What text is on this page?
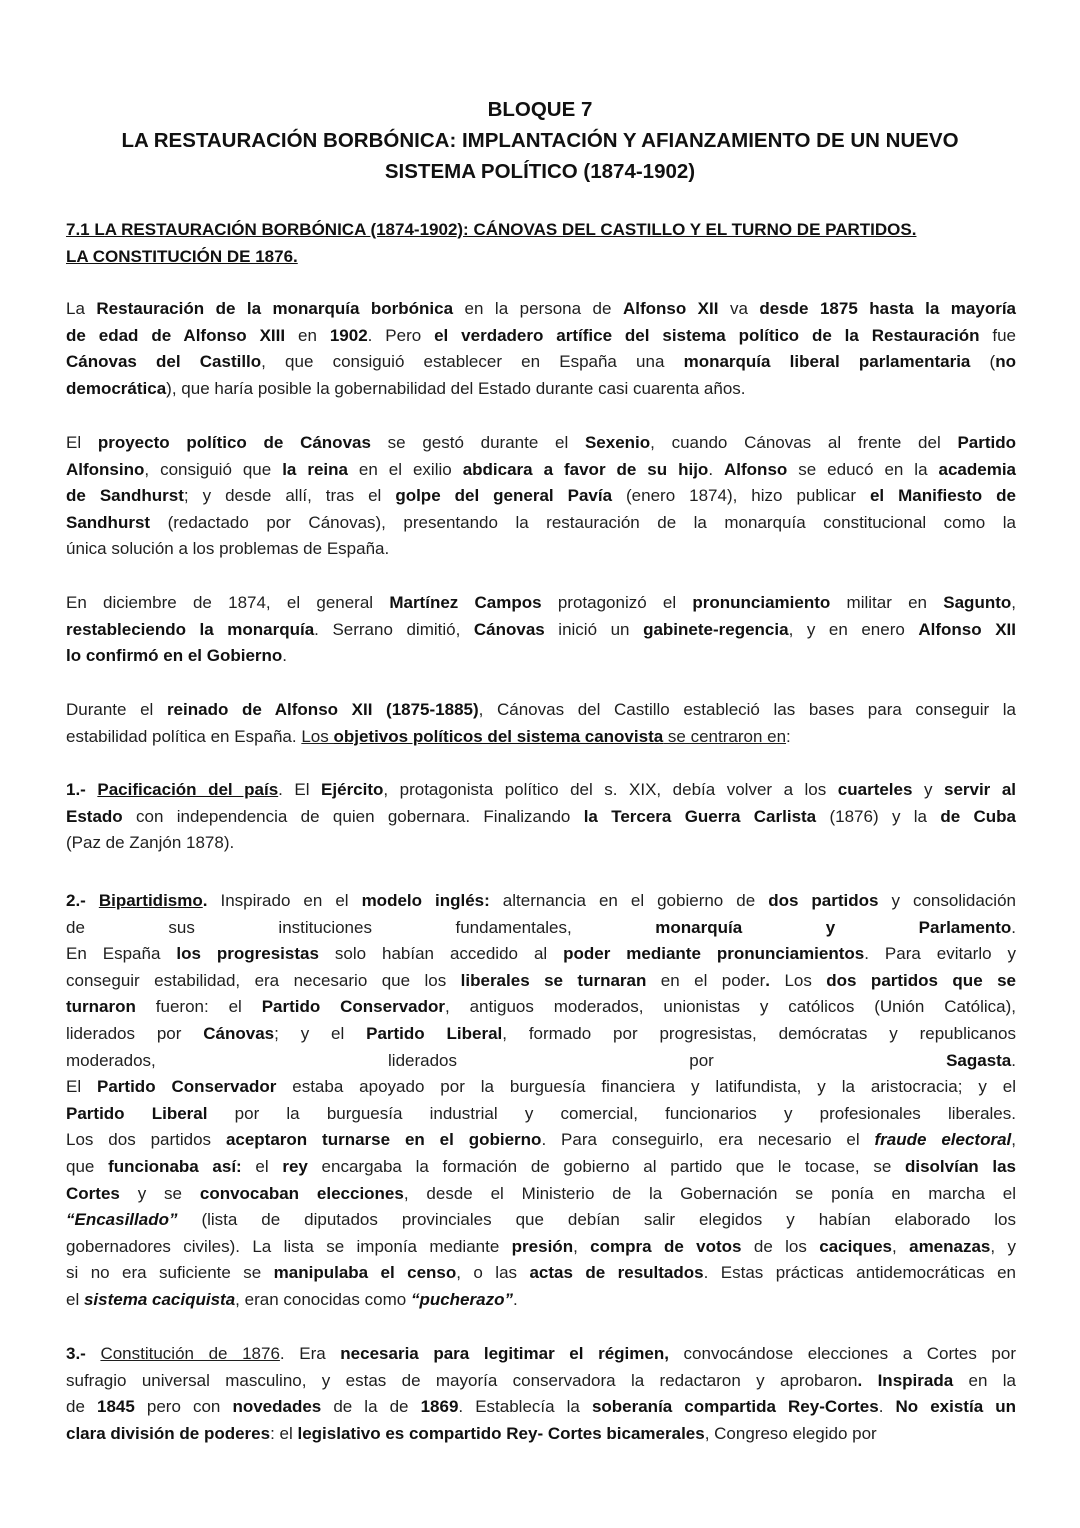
BLOQUE 7
LA RESTAURACIÓN BORBÓNICA: IMPLANTACIÓN Y AFIANZAMIENTO DE UN NUEVO
SISTEMA POLÍTICO (1874-1902)
7.1 LA RESTAURACIÓN BORBÓNICA (1874-1902): CÁNOVAS DEL CASTILLO Y EL TURNO DE PARTIDOS.
LA CONSTITUCIÓN DE 1876.
La Restauración de la monarquía borbónica en la persona de Alfonso XII va desde 1875 hasta la mayoría
de edad de Alfonso XIII en 1902. Pero el verdadero artífice del sistema político de la Restauración fue
Cánovas del Castillo, que consiguió establecer en España una monarquía liberal parlamentaria (no
democrática), que haría posible la gobernabilidad del Estado durante casi cuarenta años.
El proyecto político de Cánovas se gestó durante el Sexenio, cuando Cánovas al frente del Partido
Alfonsino, consiguió que la reina en el exilio abdicara a favor de su hijo. Alfonso se educó en la academia
de Sandhurst; y desde allí, tras el golpe del general Pavía (enero 1874), hizo publicar el Manifiesto de
Sandhurst (redactado por Cánovas), presentando la restauración de la monarquía constitucional como la
única solución a los problemas de España.
En diciembre de 1874, el general Martínez Campos protagonizó el pronunciamiento militar en Sagunto,
restableciendo la monarquía. Serrano dimitió, Cánovas inició un gabinete-regencia, y en enero Alfonso XII
lo confirmó en el Gobierno.
Durante el reinado de Alfonso XII (1875-1885), Cánovas del Castillo estableció las bases para conseguir la
estabilidad política en España. Los objetivos políticos del sistema canovista se centraron en:
1.- Pacificación del país. El Ejército, protagonista político del s. XIX, debía volver a los cuarteles y servir al
Estado con independencia de quien gobernara. Finalizando la Tercera Guerra Carlista (1876) y la de Cuba
(Paz de Zanjón 1878).
2.- Bipartidismo. Inspirado en el modelo inglés: alternancia en el gobierno de dos partidos y consolidación
de sus instituciones fundamentales, monarquía y Parlamento.
En España los progresistas solo habían accedido al poder mediante pronunciamientos. Para evitarlo y
conseguir estabilidad, era necesario que los liberales se turnaran en el poder. Los dos partidos que se
turnaron fueron: el Partido Conservador, antiguos moderados, unionistas y católicos (Unión Católica),
liderados por Cánovas; y el Partido Liberal, formado por progresistas, demócratas y republicanos
moderados, liderados por Sagasta.
El Partido Conservador estaba apoyado por la burguesía financiera y latifundista, y la aristocracia; y el
Partido Liberal por la burguesía industrial y comercial, funcionarios y profesionales liberales.
Los dos partidos aceptaron turnarse en el gobierno. Para conseguirlo, era necesario el fraude electoral,
que funcionaba así: el rey encargaba la formación de gobierno al partido que le tocase, se disolvían las
Cortes y se convocaban elecciones, desde el Ministerio de la Gobernación se ponía en marcha el
“Encasillado” (lista de diputados provinciales que debían salir elegidos y habían elaborado los
gobernadores civiles). La lista se imponía mediante presión, compra de votos de los caciques, amenazas, y
si no era suficiente se manipulaba el censo, o las actas de resultados. Estas prácticas antidemocráticas en
el sistema caciquista, eran conocidas como “pucherazo”.
3.- Constitución de 1876. Era necesaria para legitimar el régimen, convocándose elecciones a Cortes por
sufragio universal masculino, y estas de mayoría conservadora la redactaron y aprobaron. Inspirada en la
de 1845 pero con novedades de la de 1869. Establecía la soberanía compartida Rey-Cortes. No existía un
clara división de poderes: el legislativo es compartido Rey- Cortes bicamerales, Congreso elegido por
